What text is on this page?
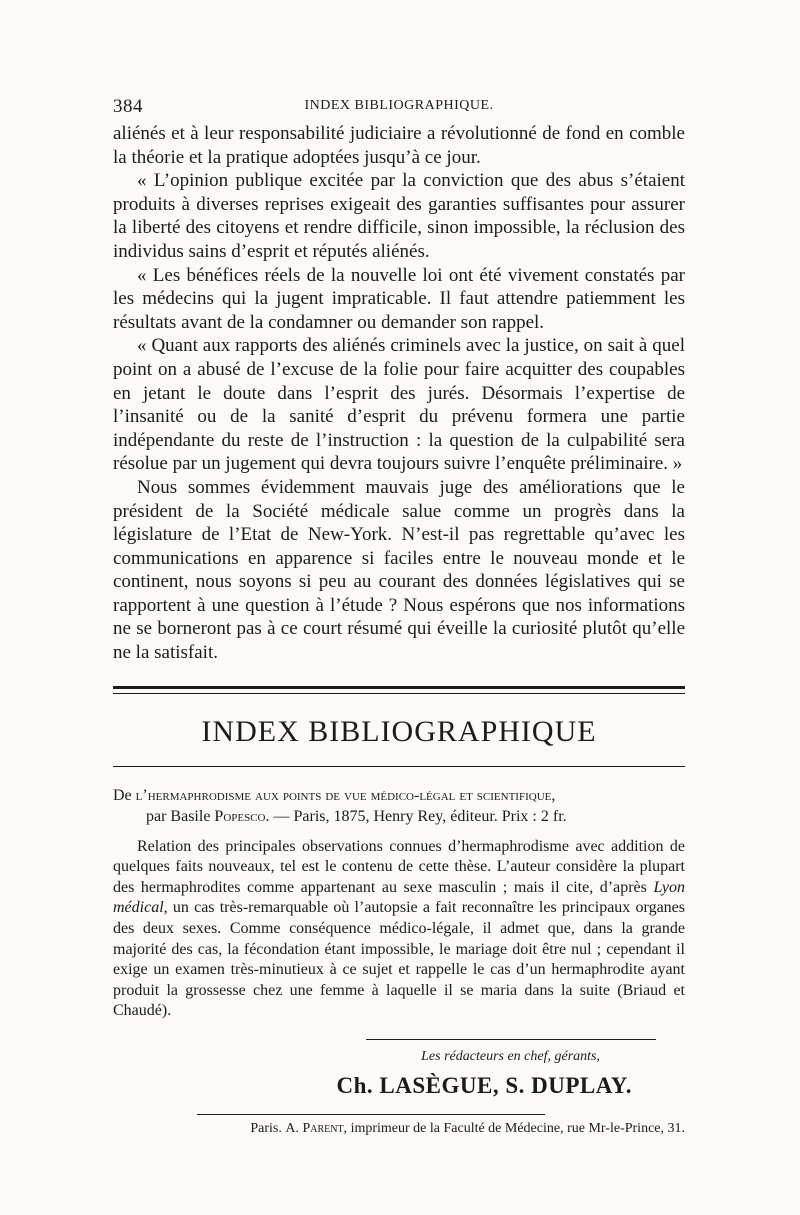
384	INDEX BIBLIOGRAPHIQUE.

aliénés et à leur responsabilité judiciaire a révolutionné de fond en comble la théorie et la pratique adoptées jusqu’à ce jour.

« L’opinion publique excitée par la conviction que des abus s’étaient produits à diverses reprises exigeait des garanties suffisantes pour assurer la liberté des citoyens et rendre difficile, sinon impossible, la réclusion des individus sains d’esprit et réputés aliénés.

« Les bénéfices réels de la nouvelle loi ont été vivement constatés par les médecins qui la jugent impraticable. Il faut attendre patiemment les résultats avant de la condamner ou demander son rappel.

« Quant aux rapports des aliénés criminels avec la justice, on sait à quel point on a abusé de l’excuse de la folie pour faire acquitter des coupables en jetant le doute dans l’esprit des jurés. Désormais l’expertise de l’insanité ou de la sanité d’esprit du prévenu formera une partie indépendante du reste de l’instruction : la question de la culpabilité sera résolue par un jugement qui devra toujours suivre l’enquête préliminaire. »

Nous sommes évidemment mauvais juge des améliorations que le président de la Société médicale salue comme un progrès dans la législature de l’Etat de New-York. N’est-il pas regrettable qu’avec les communications en apparence si faciles entre le nouveau monde et le continent, nous soyons si peu au courant des données législatives qui se rapportent à une question à l’étude ? Nous espérons que nos informations ne se borneront pas à ce court résumé qui éveille la curiosité plutôt qu’elle ne la satisfait.

INDEX BIBLIOGRAPHIQUE
De l’hermaphrodisme aux points de vue médico-légal et scientifique,
par Basile Popesco. — Paris, 1875, Henry Rey, éditeur. Prix : 2 fr.

Relation des principales observations connues d’hermaphrodisme avec addition de quelques faits nouveaux, tel est le contenu de cette thèse. L’auteur considère la plupart des hermaphrodites comme appartenant au sexe masculin ; mais il cite, d’après Lyon médical, un cas très-remarquable où l’autopsie a fait reconnaître les principaux organes des deux sexes. Comme conséquence médico-légale, il admet que, dans la grande majorité des cas, la fécondation étant impossible, le mariage doit être nul ; cependant il exige un examen très-minutieux à ce sujet et rappelle le cas d’un hermaphrodite ayant produit la grossesse chez une femme à laquelle il se maria dans la suite (Briaud et Chaudé).

Les rédacteurs en chef, gérants,
Ch. LASÈGUE, S. DUPLAY.
Paris. A. Parent, imprimeur de la Faculté de Médecine, rue Mr-le-Prince, 31.
